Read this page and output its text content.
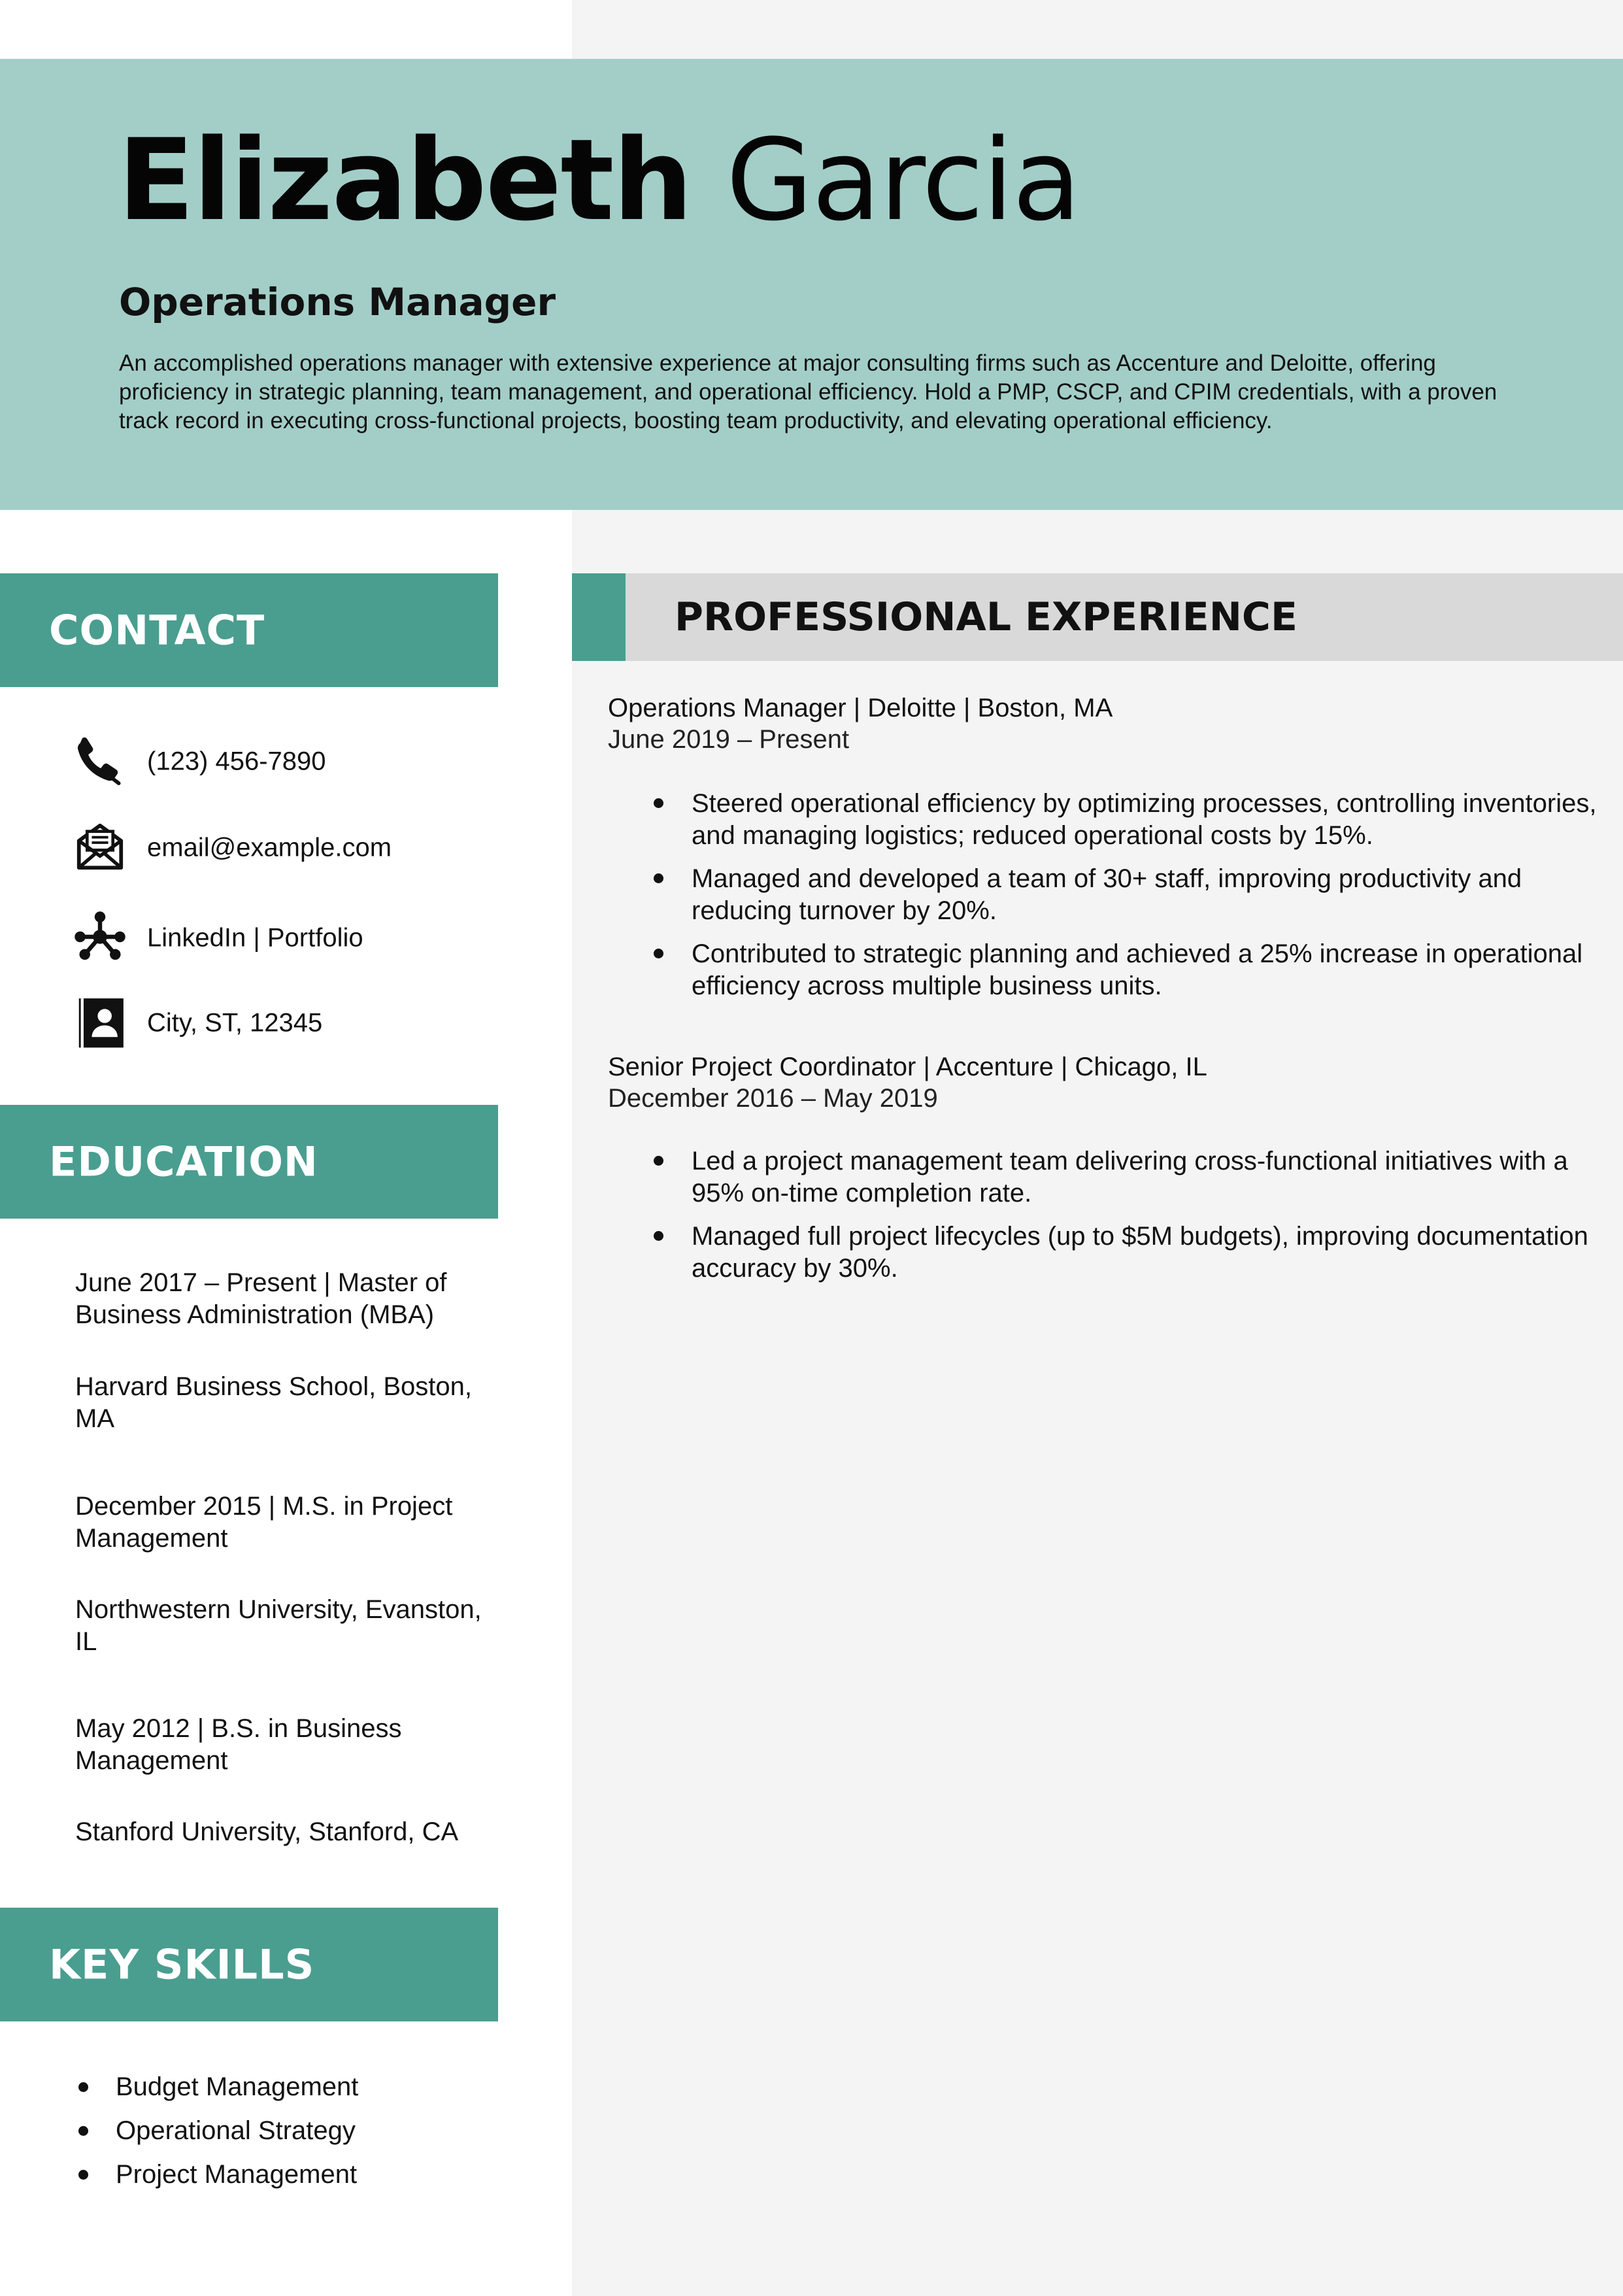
Elizabeth Garcia
Operations Manager
An accomplished operations manager with extensive experience at major consulting firms such as Accenture and Deloitte, offering proficiency in strategic planning, team management, and operational efficiency. Hold a PMP, CSCP, and CPIM credentials, with a proven track record in executing cross-functional projects, boosting team productivity, and elevating operational efficiency.
CONTACT
(123) 456-7890
email@example.com
LinkedIn | Portfolio
City, ST, 12345
EDUCATION
June 2017 – Present | Master of Business Administration (MBA)
Harvard Business School, Boston, MA
December 2015 | M.S. in Project Management
Northwestern University, Evanston, IL
May 2012 | B.S. in Business Management
Stanford University, Stanford, CA
KEY SKILLS
Budget Management
Operational Strategy
Project Management
PROFESSIONAL EXPERIENCE
Operations Manager | Deloitte | Boston, MA
June 2019 – Present
Steered operational efficiency by optimizing processes, controlling inventories, and managing logistics; reduced operational costs by 15%.
Managed and developed a team of 30+ staff, improving productivity and reducing turnover by 20%.
Contributed to strategic planning and achieved a 25% increase in operational efficiency across multiple business units.
Senior Project Coordinator | Accenture | Chicago, IL
December 2016 – May 2019
Led a project management team delivering cross-functional initiatives with a 95% on-time completion rate.
Managed full project lifecycles (up to $5M budgets), improving documentation accuracy by 30%.
